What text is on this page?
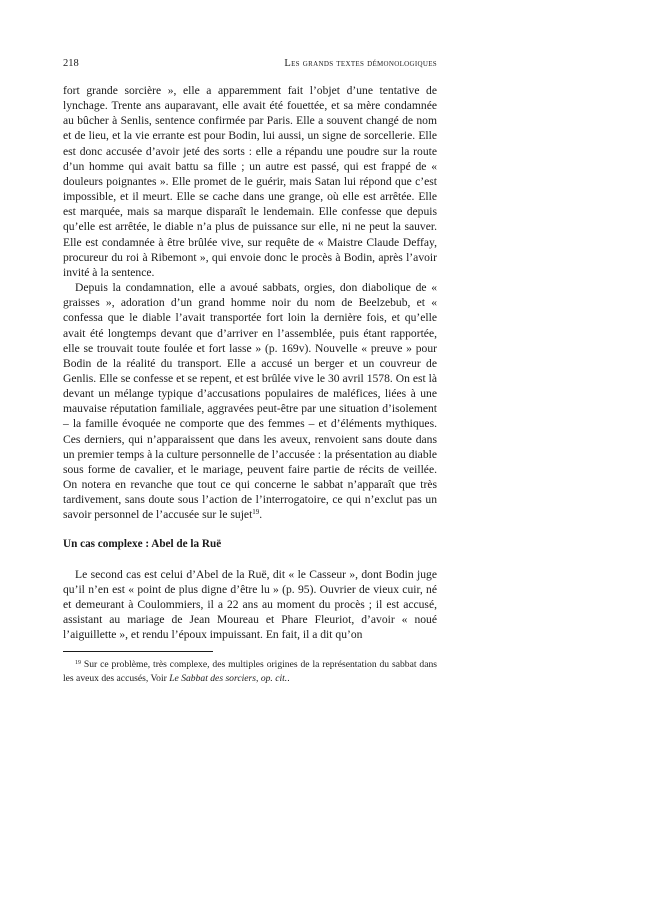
218	Les grands textes démonologiques

fort grande sorcière », elle a apparemment fait l’objet d’une tentative de lynchage. Trente ans auparavant, elle avait été fouettée, et sa mère condamnée au bûcher à Senlis, sentence confirmée par Paris. Elle a souvent changé de nom et de lieu, et la vie errante est pour Bodin, lui aussi, un signe de sorcellerie. Elle est donc accusée d’avoir jeté des sorts : elle a répandu une poudre sur la route d’un homme qui avait battu sa fille ; un autre est passé, qui est frappé de « douleurs poignantes ». Elle promet de le guérir, mais Satan lui répond que c’est impossible, et il meurt. Elle se cache dans une grange, où elle est arrêtée. Elle est marquée, mais sa marque disparaît le lendemain. Elle confesse que depuis qu’elle est arrêtée, le diable n’a plus de puissance sur elle, ni ne peut la sauver. Elle est condamnée à être brûlée vive, sur requête de « Maistre Claude Deffay, procureur du roi à Ribemont », qui envoie donc le procès à Bodin, après l’avoir invité à la sentence.

Depuis la condamnation, elle a avoué sabbats, orgies, don diabolique de « graisses », adoration d’un grand homme noir du nom de Beelzebub, et « confessa que le diable l’avait transportée fort loin la dernière fois, et qu’elle avait été longtemps devant que d’arriver en l’assemblée, puis étant rapportée, elle se trouvait toute foulée et fort lasse » (p. 169v). Nouvelle « preuve » pour Bodin de la réalité du transport. Elle a accusé un berger et un couvreur de Genlis. Elle se confesse et se repent, et est brûlée vive le 30 avril 1578. On est là devant un mélange typique d’accusations populaires de maléfices, liées à une mauvaise réputation familiale, aggravées peut-être par une situation d’isolement – la famille évoquée ne comporte que des femmes – et d’éléments mythiques. Ces derniers, qui n’apparaissent que dans les aveux, renvoient sans doute dans un premier temps à la culture personnelle de l’accusée : la présentation au diable sous forme de cavalier, et le mariage, peuvent faire partie de récits de veillée. On notera en revanche que tout ce qui concerne le sabbat n’apparaît que très tardivement, sans doute sous l’action de l’interrogatoire, ce qui n’exclut pas un savoir personnel de l’accusée sur le sujet$^{19}$.

Un cas complexe : Abel de la Ruë

Le second cas est celui d’Abel de la Ruë, dit « le Casseur », dont Bodin juge qu’il n’en est « point de plus digne d’être lu » (p. 95). Ouvrier de vieux cuir, né et demeurant à Coulommiers, il a 22 ans au moment du procès ; il est accusé, assistant au mariage de Jean Moureau et Phare Fleuriot, d’avoir « noué l’aiguillette », et rendu l’époux impuissant. En fait, il a dit qu’on

$^{19}$ Sur ce problème, très complexe, des multiples origines de la représentation du sabbat dans les aveux des accusés, Voir Le Sabbat des sorciers, op. cit..
